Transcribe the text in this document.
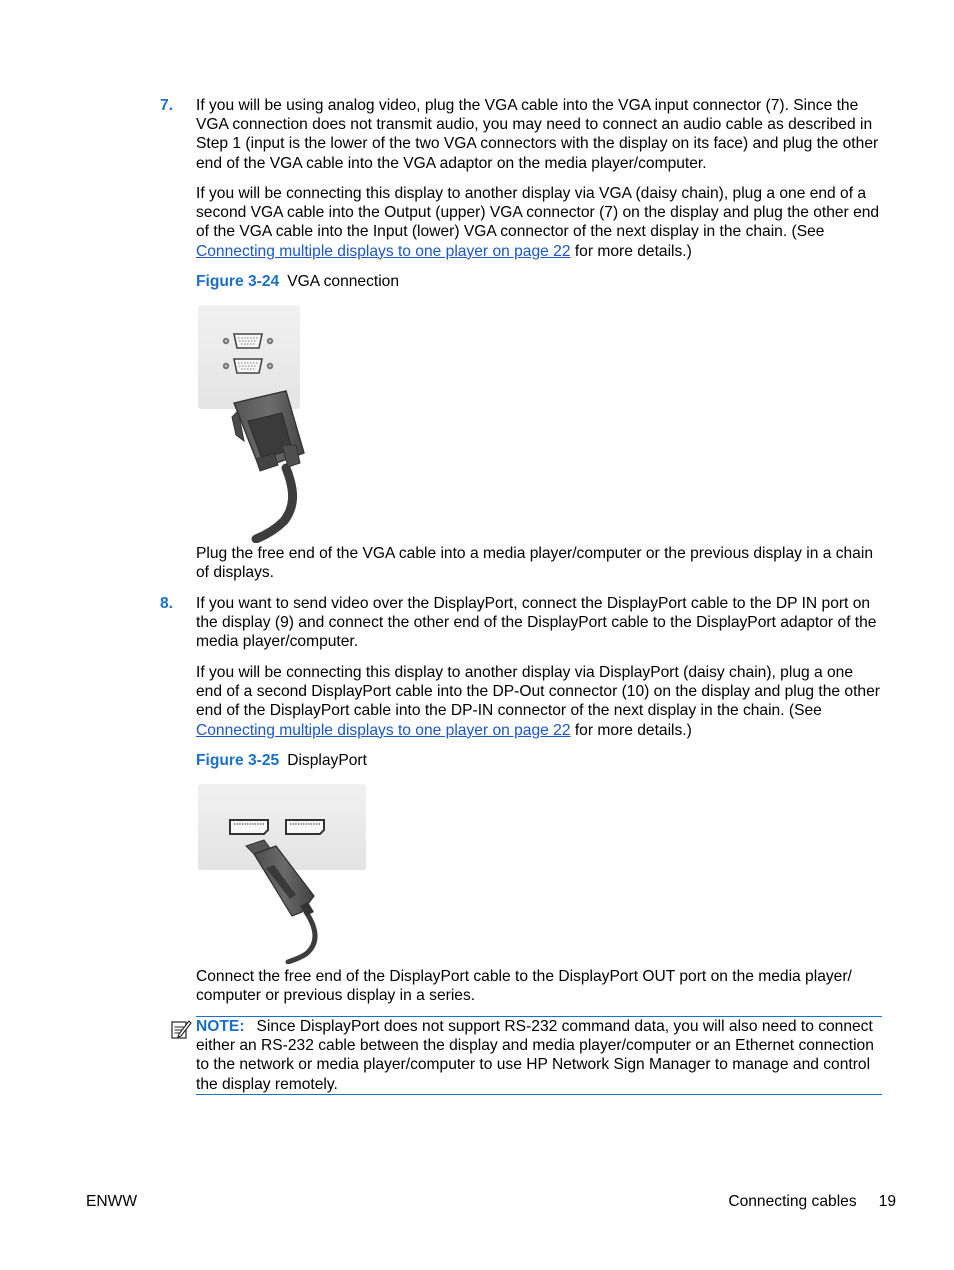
7. If you will be using analog video, plug the VGA cable into the VGA input connector (7). Since the VGA connection does not transmit audio, you may need to connect an audio cable as described in Step 1 (input is the lower of the two VGA connectors with the display on its face) and plug the other end of the VGA cable into the VGA adaptor on the media player/computer.

If you will be connecting this display to another display via VGA (daisy chain), plug a one end of a second VGA cable into the Output (upper) VGA connector (7) on the display and plug the other end of the VGA cable into the Input (lower) VGA connector of the next display in the chain. (See Connecting multiple displays to one player on page 22 for more details.)

Figure 3-24 VGA connection

Plug the free end of the VGA cable into a media player/computer or the previous display in a chain of displays.

8. If you want to send video over the DisplayPort, connect the DisplayPort cable to the DP IN port on the display (9) and connect the other end of the DisplayPort cable to the DisplayPort adaptor of the media player/computer.

If you will be connecting this display to another display via DisplayPort (daisy chain), plug a one end of a second DisplayPort cable into the DP-Out connector (10) on the display and plug the other end of the DisplayPort cable into the DP-IN connector of the next display in the chain. (See Connecting multiple displays to one player on page 22 for more details.)

Figure 3-25 DisplayPort

Connect the free end of the DisplayPort cable to the DisplayPort OUT port on the media player/ computer or previous display in a series.

NOTE: Since DisplayPort does not support RS-232 command data, you will also need to connect either an RS-232 cable between the display and media player/computer or an Ethernet connection to the network or media player/computer to use HP Network Sign Manager to manage and control the display remotely.

ENWW	Connecting cables 19
